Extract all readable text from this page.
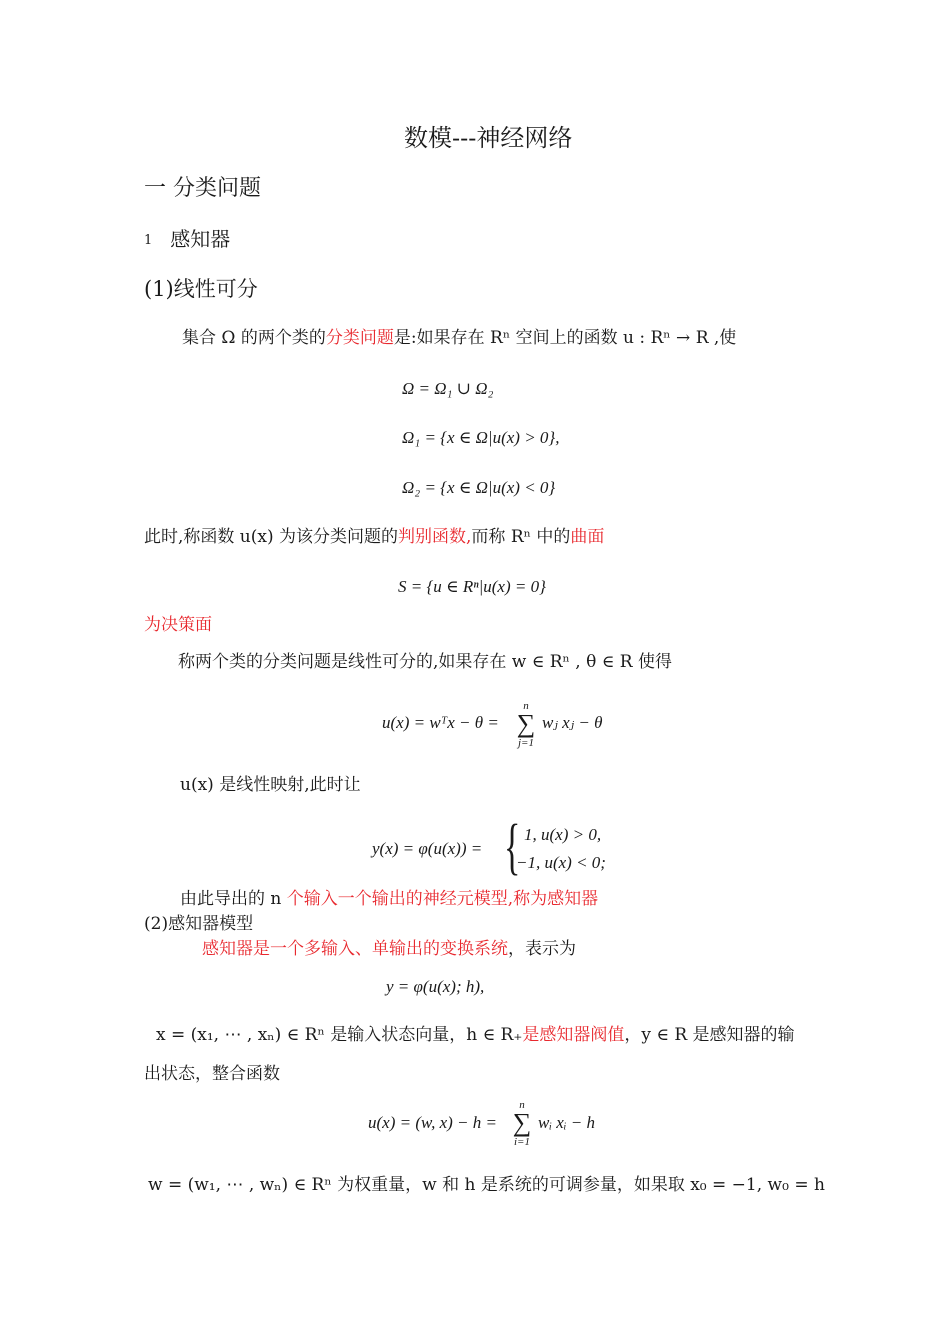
数模---神经网络
一 分类问题
1 感知器
(1)线性可分
集合 Ω 的两个类的分类问题是:如果存在 Rⁿ 空间上的函数 u : Rⁿ → R ,使
Ω = Ω₁ ∪ Ω₂
Ω₁ = {x ∈ Ω|u(x) > 0},
Ω₂ = {x ∈ Ω|u(x) < 0}
此时,称函数 u(x) 为该分类问题的判别函数,而称 Rⁿ 中的曲面
S = {u ∈ Rⁿ|u(x) = 0}
为决策面
称两个类的分类问题是线性可分的,如果存在 w ∈ Rⁿ , θ ∈ R 使得
u(x) = wᵀx − θ =
n
∑
j=1
wⱼ xⱼ − θ
u(x) 是线性映射,此时让
y(x) = φ(u(x)) = { 1, u(x) > 0,
−1, u(x) < 0;
由此导出的 n 个输入一个输出的神经元模型,称为感知器
(2)感知器模型
感知器是一个多输入、单输出的变换系统，表示为
y = φ(u(x); h),
x = (x₁, ⋯ , xₙ) ∈ Rⁿ 是输入状态向量，h ∈ R₊是感知器阀值，y ∈ R 是感知器的输
出状态，整合函数
u(x) = (w, x) − h =
n
∑
i=1
wᵢ xᵢ − h
w = (w₁, ⋯ , wₙ) ∈ Rⁿ 为权重量，w 和 h 是系统的可调参量，如果取 x₀ = −1, w₀ = h
